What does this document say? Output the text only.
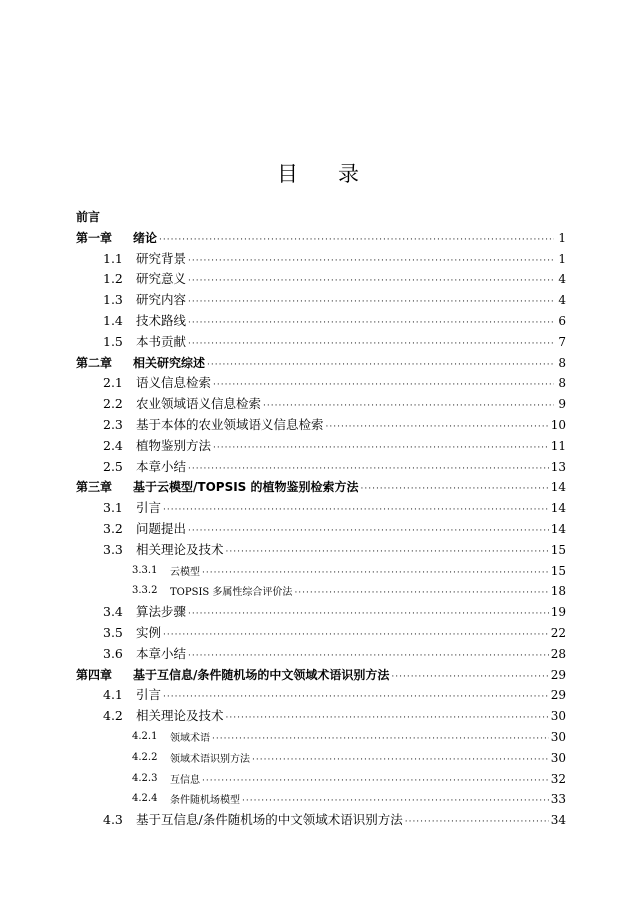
目 录
前言
第一章 绪论 ·····	1
1.1 研究背景 ·····	1
1.2 研究意义 ·····	4
1.3 研究内容 ·····	4
1.4 技术路线 ·····	6
1.5 本书贡献 ·····	7
第二章 相关研究综述 ·····	8
2.1 语义信息检索 ·····	8
2.2 农业领域语义信息检索 ·····	9
2.3 基于本体的农业领域语义信息检索 ·····	10
2.4 植物鉴别方法 ·····	11
2.5 本章小结 ·····	13
第三章 基于云模型/TOPSIS 的植物鉴别检索方法 ·····	14
3.1 引言 ·····	14
3.2 问题提出 ·····	14
3.3 相关理论及技术 ·····	15
3.3.1 云模型 ·····	15
3.3.2 TOPSIS 多属性综合评价法 ·····	18
3.4 算法步骤 ·····	19
3.5 实例 ·····	22
3.6 本章小结 ·····	28
第四章 基于互信息/条件随机场的中文领域术语识别方法 ·····	29
4.1 引言 ·····	29
4.2 相关理论及技术 ·····	30
4.2.1 领域术语 ·····	30
4.2.2 领域术语识别方法 ·····	30
4.2.3 互信息 ·····	32
4.2.4 条件随机场模型 ·····	33
4.3 基于互信息/条件随机场的中文领域术语识别方法 ·····	34
